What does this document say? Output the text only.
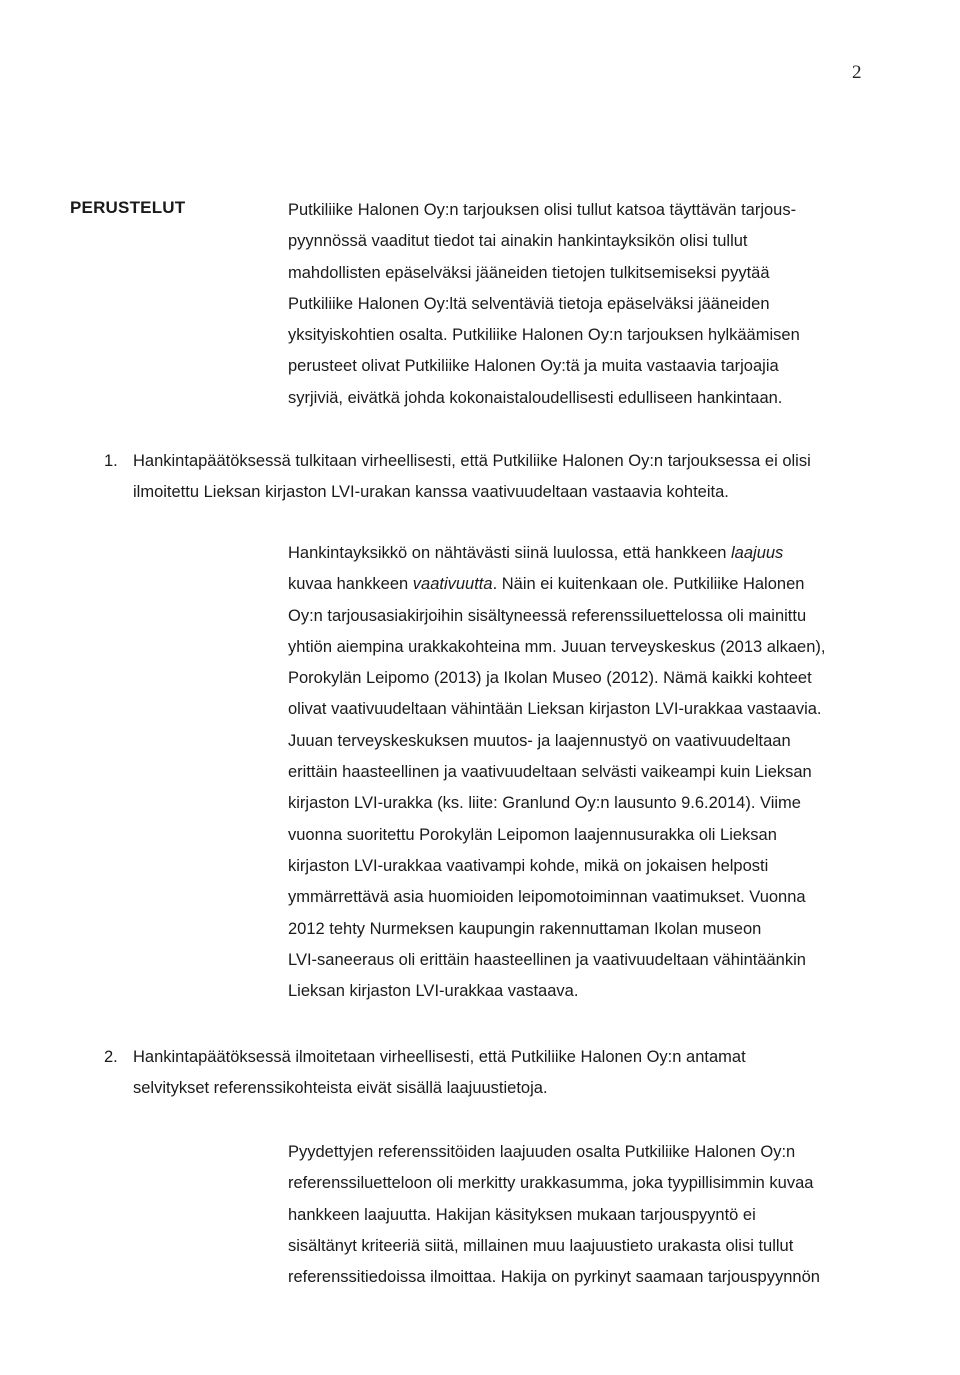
2
PERUSTELUT	Putkiliike Halonen Oy:n tarjouksen olisi tullut katsoa täyttävän tarjous-
pyynnössä vaaditut tiedot tai ainakin hankintayksikön olisi tullut
mahdollisten epäselväksi jääneiden tietojen tulkitsemiseksi pyytää
Putkiliike Halonen Oy:ltä selventäviä tietoja epäselväksi jääneiden
yksityiskohtien osalta. Putkiliike Halonen Oy:n tarjouksen hylkäämisen
perusteet olivat Putkiliike Halonen Oy:tä ja muita vastaavia tarjoajia
syrjiviä, eivätkä johda kokonaistaloudellisesti edulliseen hankintaan.
1. Hankintapäätöksessä tulkitaan virheellisesti, että Putkiliike Halonen Oy:n tarjouksessa ei olisi
ilmoitettu Lieksan kirjaston LVI-urakan kanssa vaativuudeltaan vastaavia kohteita.
Hankintayksikkö on nähtävästi siinä luulossa, että hankkeen laajuus
kuvaa hankkeen vaativuutta. Näin ei kuitenkaan ole. Putkiliike Halonen
Oy:n tarjousasiakirjoihin sisältyneessä referenssiluettelossa oli mainittu
yhtiön aiempina urakkakohteina mm. Juuan terveyskeskus (2013 alkaen),
Porokylän Leipomo (2013) ja Ikolan Museo (2012). Nämä kaikki kohteet
olivat vaativuudeltaan vähintään Lieksan kirjaston LVI-urakkaa vastaavia.
Juuan terveyskeskuksen muutos- ja laajennustyö on vaativuudeltaan
erittäin haasteellinen ja vaativuudeltaan selvästi vaikeampi kuin Lieksan
kirjaston LVI-urakka (ks. liite: Granlund Oy:n lausunto 9.6.2014). Viime
vuonna suoritettu Porokylän Leipomon laajennusurakka oli Lieksan
kirjaston LVI-urakkaa vaativampi kohde, mikä on jokaisen helposti
ymmärrettävä asia huomioiden leipomotoiminnan vaatimukset. Vuonna
2012 tehty Nurmeksen kaupungin rakennuttaman Ikolan museon
LVI-saneeraus oli erittäin haasteellinen ja vaativuudeltaan vähintäänkin
Lieksan kirjaston LVI-urakkaa vastaava.
2. Hankintapäätöksessä ilmoitetaan virheellisesti, että Putkiliike Halonen Oy:n antamat
selvitykset referenssikohteista eivät sisällä laajuustietoja.
Pyydettyjen referenssitöiden laajuuden osalta Putkiliike Halonen Oy:n
referenssiluetteloon oli merkitty urakkasumma, joka tyypillisimmin kuvaa
hankkeen laajuutta. Hakijan käsityksen mukaan tarjouspyyntö ei
sisältänyt kriteeriä siitä, millainen muu laajuustieto urakasta olisi tullut
referenssitiedoissa ilmoittaa. Hakija on pyrkinyt saamaan tarjouspyynnön
